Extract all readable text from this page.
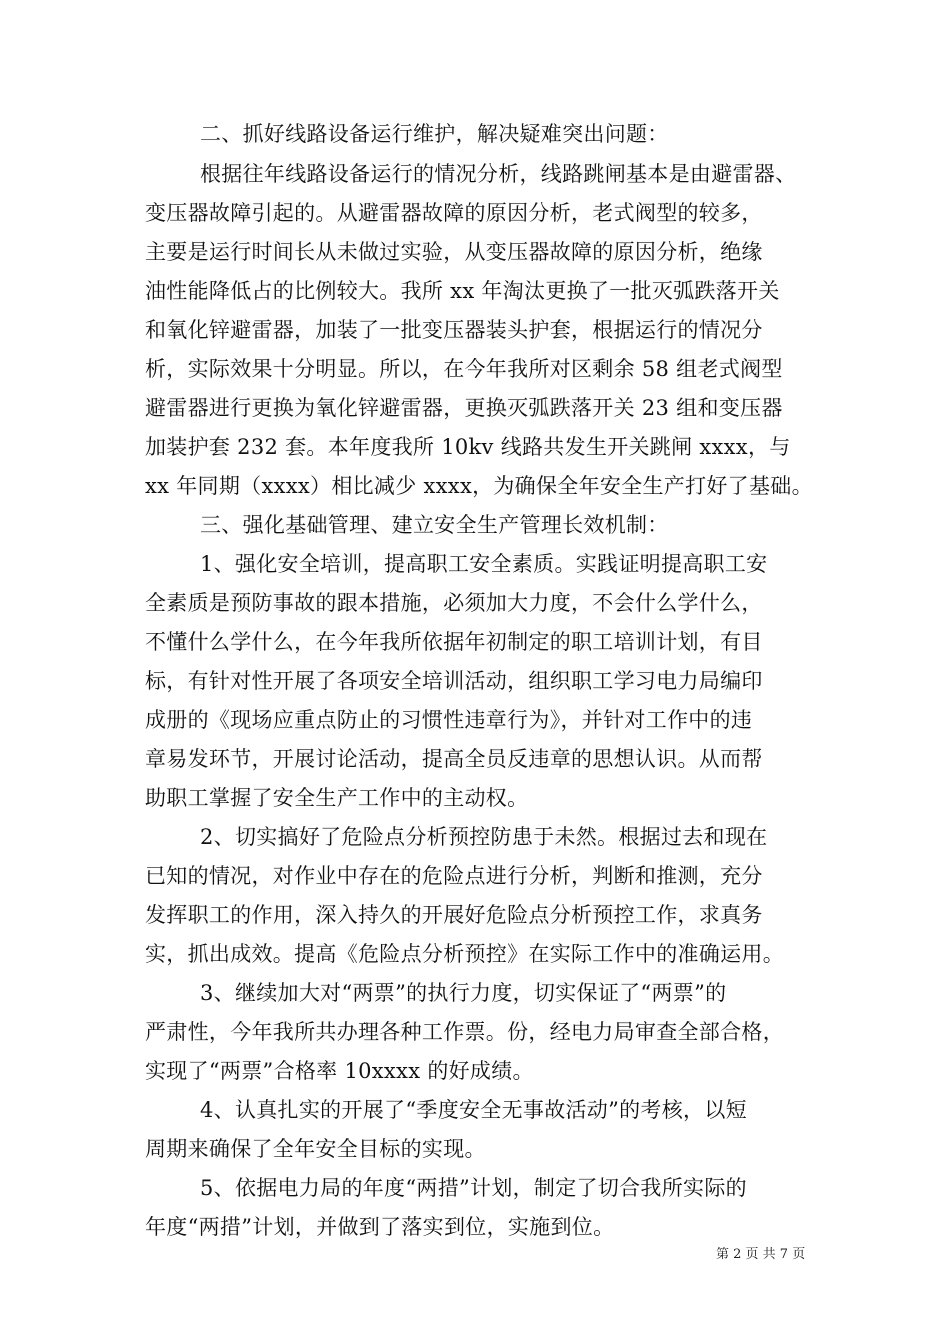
二、抓好线路设备运行维护，解决疑难突出问题：
根据往年线路设备运行的情况分析，线路跳闸基本是由避雷器、
变压器故障引起的。从避雷器故障的原因分析，老式阀型的较多，
主要是运行时间长从未做过实验，从变压器故障的原因分析，绝缘
油性能降低占的比例较大。我所 xx 年淘汰更换了一批灭弧跌落开关
和氧化锌避雷器，加装了一批变压器装头护套，根据运行的情况分
析，实际效果十分明显。所以，在今年我所对区剩余 58 组老式阀型
避雷器进行更换为氧化锌避雷器，更换灭弧跌落开关 23 组和变压器
加装护套 232 套。本年度我所 10kv 线路共发生开关跳闸 xxxx，与
xx 年同期（xxxx）相比减少 xxxx，为确保全年安全生产打好了基础。
三、强化基础管理、建立安全生产管理长效机制：
1、强化安全培训，提高职工安全素质。实践证明提高职工安
全素质是预防事故的跟本措施，必须加大力度，不会什么学什么，
不懂什么学什么，在今年我所依据年初制定的职工培训计划，有目
标，有针对性开展了各项安全培训活动，组织职工学习电力局编印
成册的《现场应重点防止的习惯性违章行为》，并针对工作中的违
章易发环节，开展讨论活动，提高全员反违章的思想认识。从而帮
助职工掌握了安全生产工作中的主动权。
2、切实搞好了危险点分析预控防患于未然。根据过去和现在
已知的情况，对作业中存在的危险点进行分析，判断和推测，充分
发挥职工的作用，深入持久的开展好危险点分析预控工作，求真务
实，抓出成效。提高《危险点分析预控》在实际工作中的准确运用。
3、继续加大对“两票”的执行力度，切实保证了“两票”的
严肃性，今年我所共办理各种工作票。份，经电力局审查全部合格，
实现了“两票”合格率 10xxxx 的好成绩。
4、认真扎实的开展了“季度安全无事故活动”的考核，以短
周期来确保了全年安全目标的实现。
5、依据电力局的年度“两措”计划，制定了切合我所实际的
年度“两措”计划，并做到了落实到位，实施到位。
第 2 页 共 7 页
